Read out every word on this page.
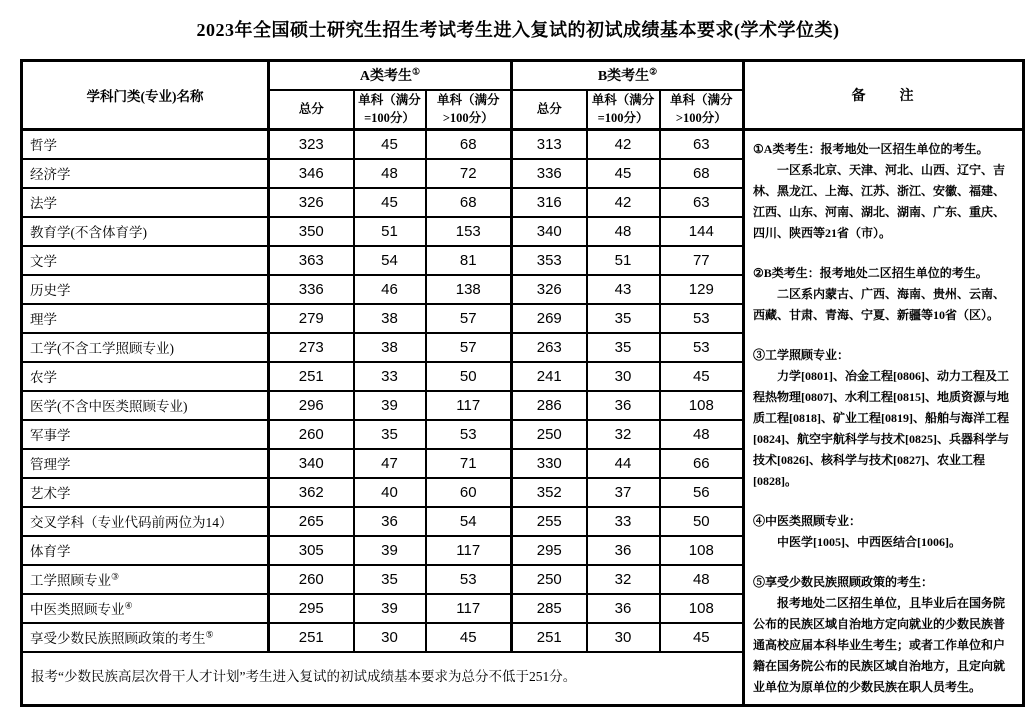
2023年全国硕士研究生招生考试考生进入复试的初试成绩基本要求(学术学位类)
学科门类(专业)名称	A类考生①			B类考生②			备　　注
	总分	单科（满分=100分）	单科（满分>100分）	总分	单科（满分=100分）	单科（满分>100分）	
哲学	323	45	68	313	42	63	①A类考生：报考地处一区招生单位的考生。

一区系北京、天津、河北、山西、辽宁、吉林、黑龙江、上海、江苏、浙江、安徽、福建、江西、山东、河南、湖北、湖南、广东、重庆、四川、陕西等21省（市）。

②B类考生：报考地处二区招生单位的考生。

二区系内蒙古、广西、海南、贵州、云南、西藏、甘肃、青海、宁夏、新疆等10省（区）。

③工学照顾专业：

力学[0801]、冶金工程[0806]、动力工程及工程热物理[0807]、水利工程[0815]、地质资源与地质工程[0818]、矿业工程[0819]、船舶与海洋工程[0824]、航空宇航科学与技术[0825]、兵器科学与技术[0826]、核科学与技术[0827]、农业工程[0828]。

④中医类照顾专业：

中医学[1005]、中西医结合[1006]。

⑤享受少数民族照顾政策的考生：

报考地处二区招生单位，且毕业后在国务院公布的民族区域自治地方定向就业的少数民族普通高校应届本科毕业生考生；或者工作单位和户籍在国务院公布的民族区域自治地方，且定向就业单位为原单位的少数民族在职人员考生。

经济学	346	48	72	336	45	68	
法学	326	45	68	316	42	63	
教育学(不含体育学)	350	51	153	340	48	144	
文学	363	54	81	353	51	77	
历史学	336	46	138	326	43	129	
理学	279	38	57	269	35	53	
工学(不含工学照顾专业)	273	38	57	263	35	53	
农学	251	33	50	241	30	45	
医学(不含中医类照顾专业)	296	39	117	286	36	108	
军事学	260	35	53	250	32	48	
管理学	340	47	71	330	44	66	
艺术学	362	40	60	352	37	56	
交叉学科（专业代码前两位为14）	265	36	54	255	33	50	
体育学	305	39	117	295	36	108	
工学照顾专业③	260	35	53	250	32	48	
中医类照顾专业④	295	39	117	285	36	108	
享受少数民族照顾政策的考生⑤	251	30	45	251	30	45	
报考“少数民族高层次骨干人才计划”考生进入复试的初试成绩基本要求为总分不低于251分。							
